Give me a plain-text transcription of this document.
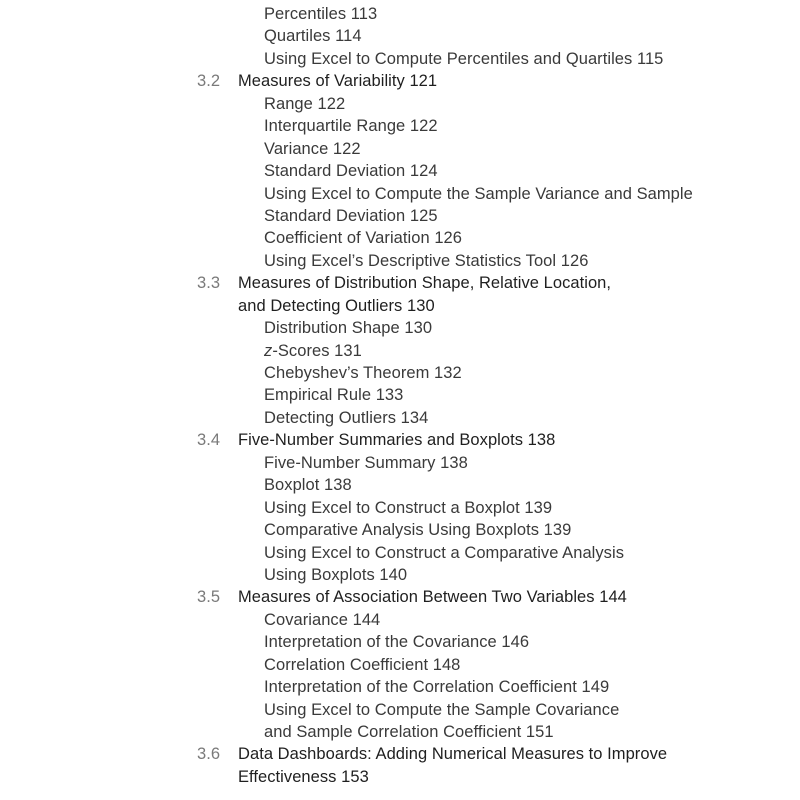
Percentiles 113
Quartiles 114
Using Excel to Compute Percentiles and Quartiles 115
3.2 Measures of Variability 121
Range 122
Interquartile Range 122
Variance 122
Standard Deviation 124
Using Excel to Compute the Sample Variance and Sample
Standard Deviation 125
Coefficient of Variation 126
Using Excel’s Descriptive Statistics Tool 126
3.3 Measures of Distribution Shape, Relative Location,
and Detecting Outliers 130
Distribution Shape 130
z-Scores 131
Chebyshev’s Theorem 132
Empirical Rule 133
Detecting Outliers 134
3.4 Five-Number Summaries and Boxplots 138
Five-Number Summary 138
Boxplot 138
Using Excel to Construct a Boxplot 139
Comparative Analysis Using Boxplots 139
Using Excel to Construct a Comparative Analysis
Using Boxplots 140
3.5 Measures of Association Between Two Variables 144
Covariance 144
Interpretation of the Covariance 146
Correlation Coefficient 148
Interpretation of the Correlation Coefficient 149
Using Excel to Compute the Sample Covariance
and Sample Correlation Coefficient 151
3.6 Data Dashboards: Adding Numerical Measures to Improve
Effectiveness 153
